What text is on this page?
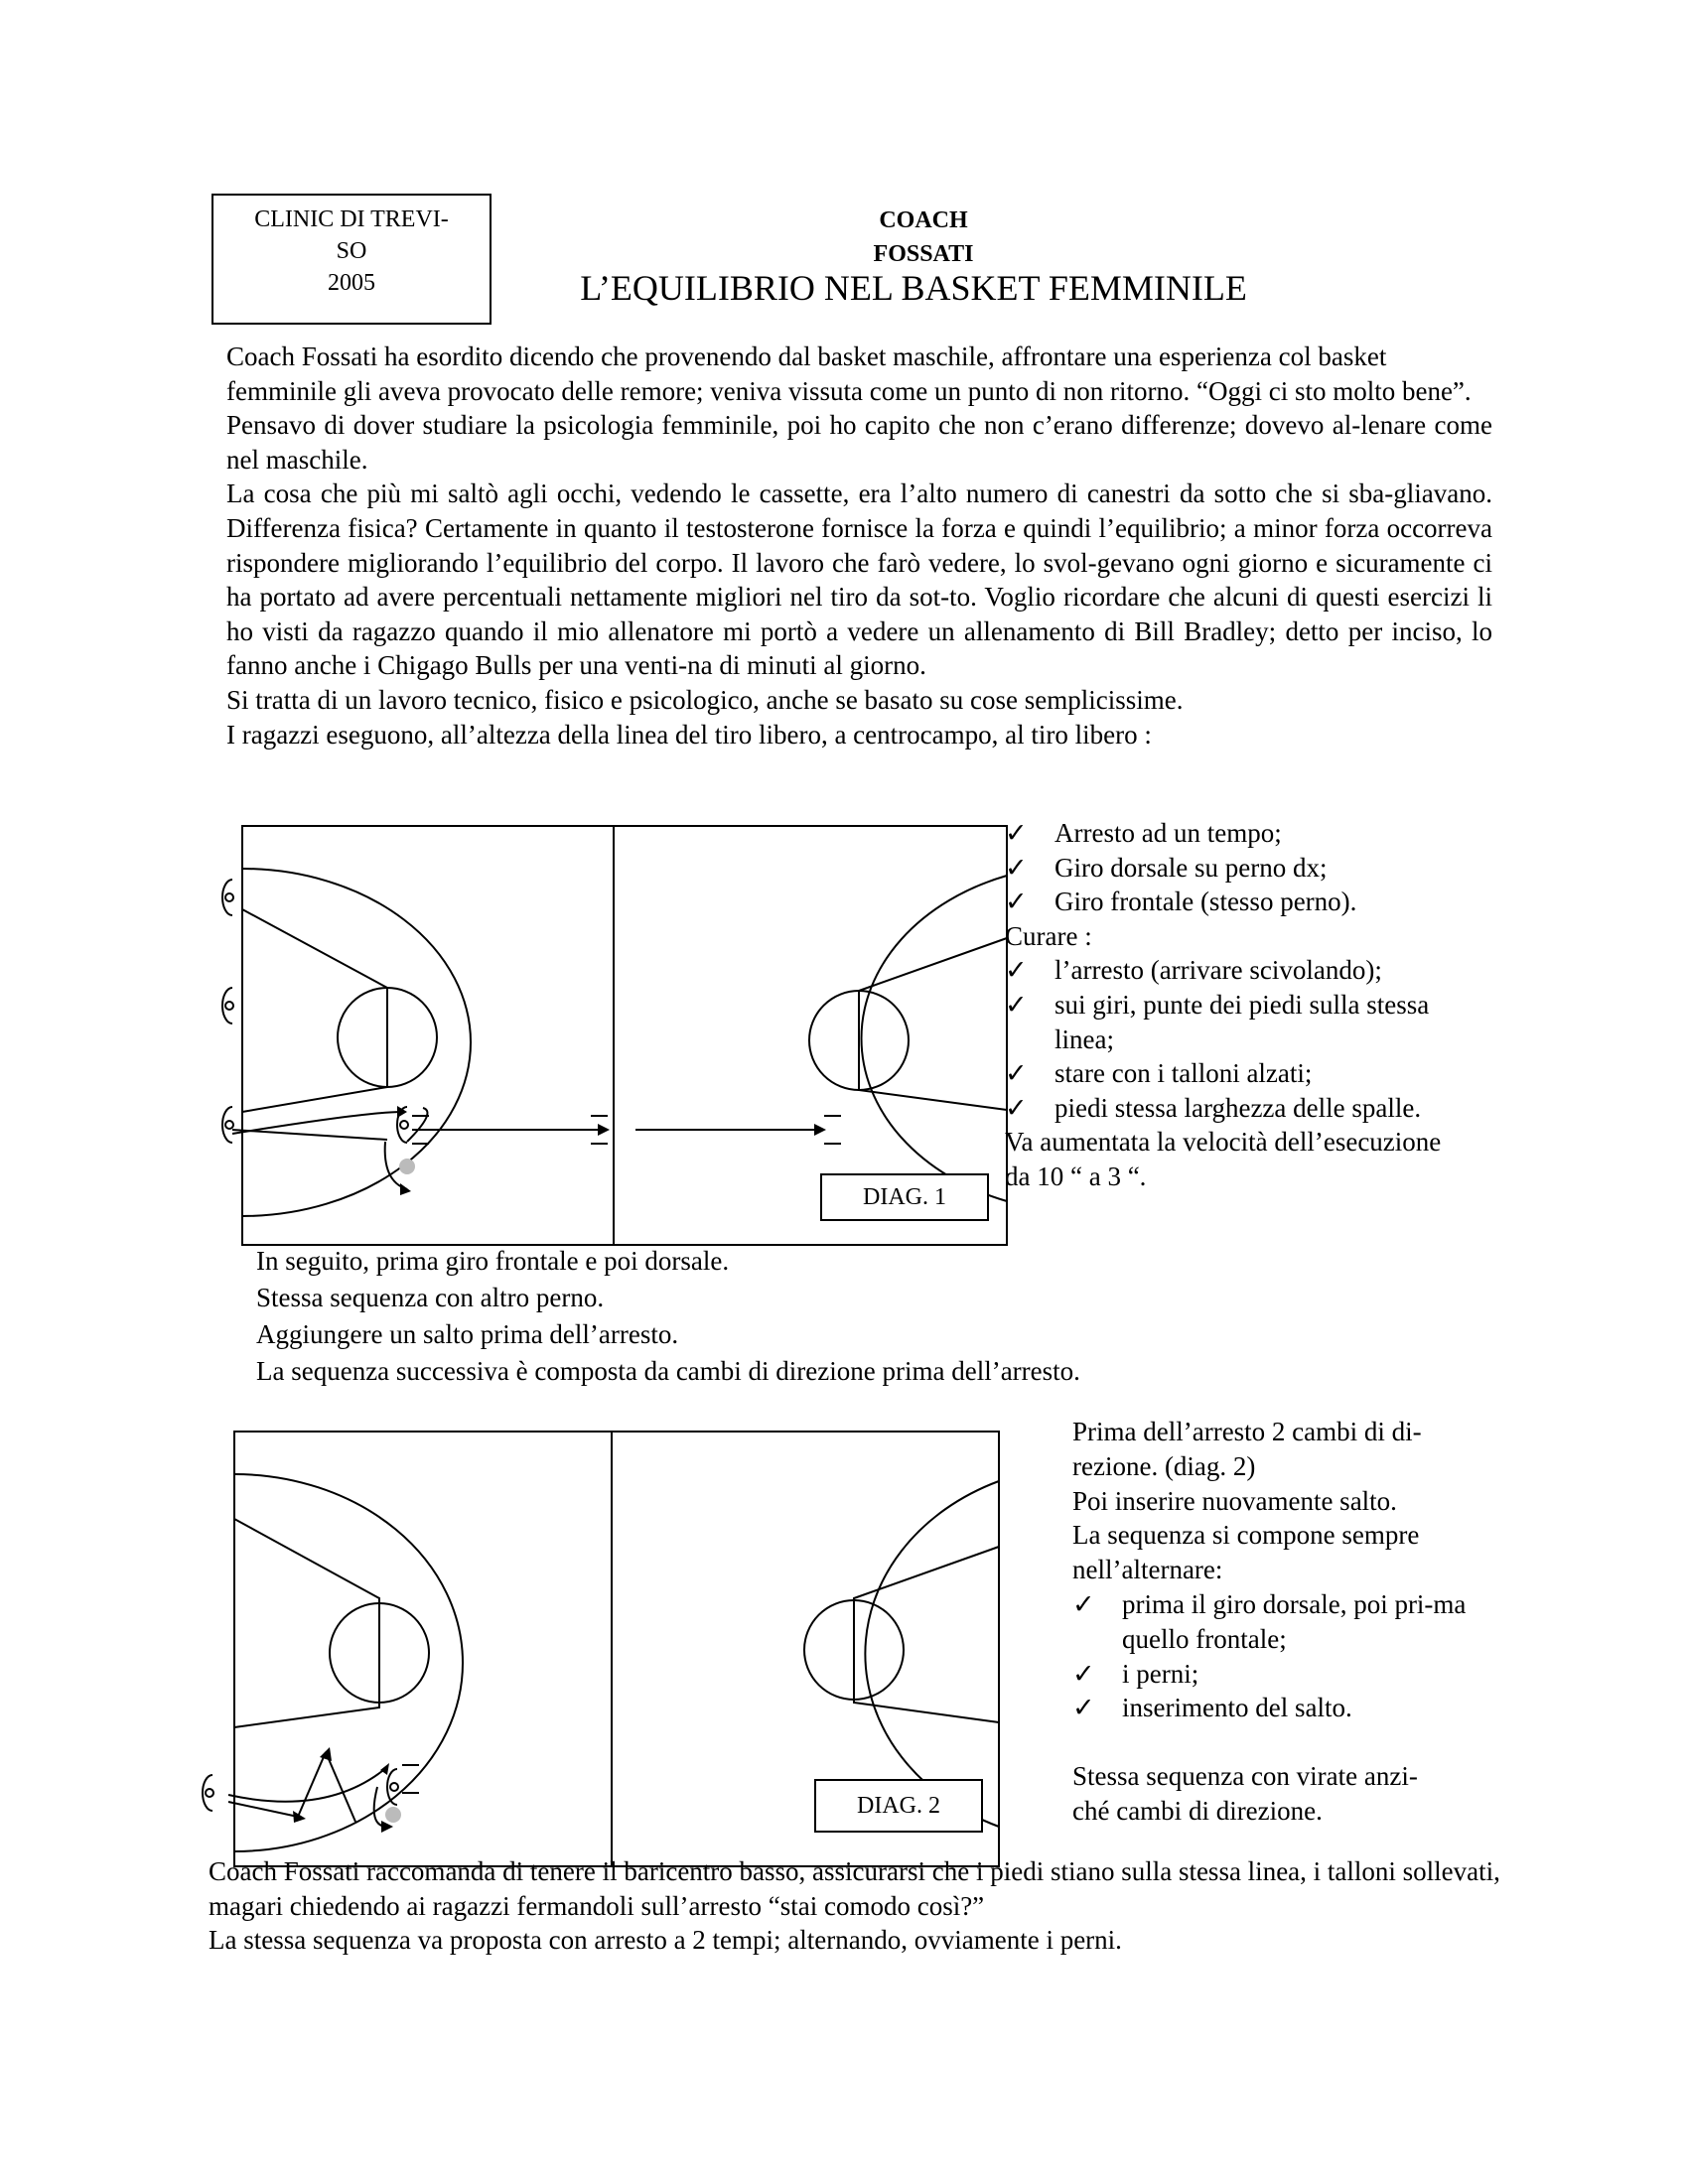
CLINIC DI TREVI-
SO
2005
COACH
FOSSATI
L’EQUILIBRIO NEL BASKET FEMMINILE

Coach Fossati ha esordito dicendo che provenendo dal basket maschile, affrontare una esperienza col basket femminile gli aveva provocato delle remore; veniva vissuta come un punto di non ritorno. “Oggi ci sto molto bene”.

Pensavo di dover studiare la psicologia femminile, poi ho capito che non c’erano differenze; dovevo al-lenare come nel maschile.

La cosa che più mi saltò agli occhi, vedendo le cassette, era l’alto numero di canestri da sotto che si sba-gliavano. Differenza fisica? Certamente in quanto il testosterone fornisce la forza e quindi l’equilibrio; a minor forza occorreva rispondere migliorando l’equilibrio del corpo. Il lavoro che farò vedere, lo svol-gevano ogni giorno e sicuramente ci ha portato ad avere percentuali nettamente migliori nel tiro da sot-to. Voglio ricordare che alcuni di questi esercizi li ho visti da ragazzo quando il mio allenatore mi portò a vedere un allenamento di Bill Bradley; detto per inciso, lo fanno anche i Chigago Bulls per una venti-na di minuti al giorno.

Si tratta di un lavoro tecnico, fisico e psicologico, anche se basato su cose semplicissime.

I ragazzi eseguono, all’altezza della linea del tiro libero, a centrocampo, al tiro libero :

DIAG. 1
✓ Arresto ad un tempo;
✓ Giro dorsale su perno dx;
✓ Giro frontale (stesso perno).
Curare :
✓ l’arresto (arrivare scivolando);
✓ sui giri, punte dei piedi sulla stessa linea;
✓ stare con i talloni alzati;
✓ piedi stessa larghezza delle spalle.
Va aumentata la velocità dell’esecuzione
da 10 “ a 3 “.

In seguito, prima giro frontale e poi dorsale.

Stessa sequenza con altro perno.

Aggiungere un salto prima dell’arresto.

La sequenza successiva è composta da cambi di direzione prima dell’arresto.

DIAG. 2

Prima dell’arresto 2 cambi di di-

rezione. (diag. 2)

Poi inserire nuovamente salto.

La sequenza si compone sempre

nell’alternare:

✓ prima il giro dorsale, poi pri-ma quello frontale;
✓ i perni;
✓ inserimento del salto.

Stessa sequenza con virate anzi-

ché cambi di direzione.

Coach Fossati raccomanda di tenere il baricentro basso, assicurarsi che i piedi stiano sulla stessa linea, i talloni sollevati, magari chiedendo ai ragazzi fermandoli sull’arresto “stai comodo così?”

La stessa sequenza va proposta con arresto a 2 tempi; alternando, ovviamente i perni.
